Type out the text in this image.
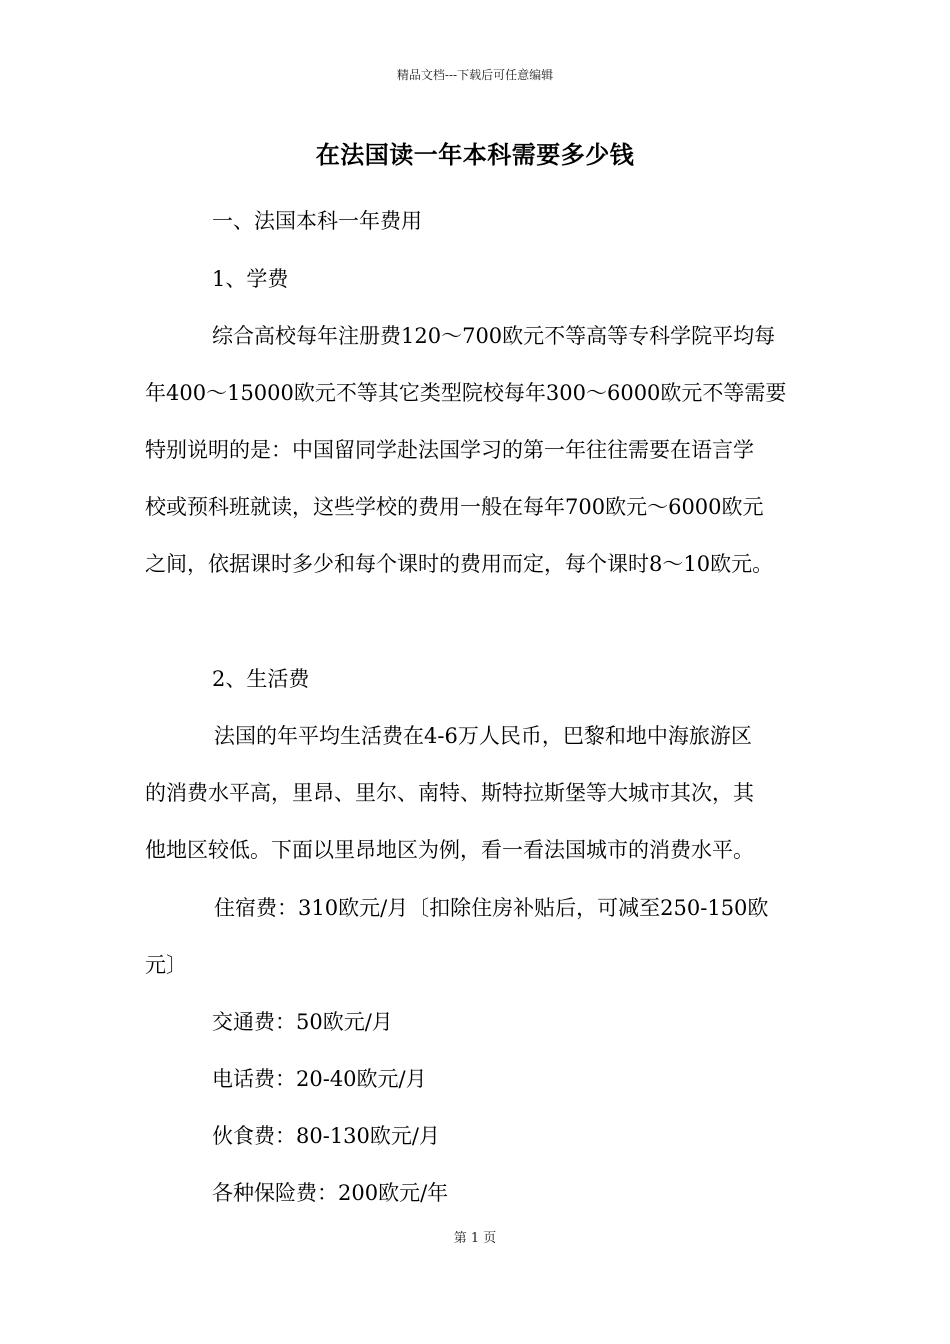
精品文档---下载后可任意编辑
在法国读一年本科需要多少钱
一、法国本科一年费用
1、学费
综合高校每年注册费120～700欧元不等高等专科学院平均每
年400～15000欧元不等其它类型院校每年300～6000欧元不等需要
特别说明的是：中国留同学赴法国学习的第一年往往需要在语言学
校或预科班就读，这些学校的费用一般在每年700欧元～6000欧元
之间，依据课时多少和每个课时的费用而定，每个课时8～10欧元。
2、生活费
法国的年平均生活费在4-6万人民币，巴黎和地中海旅游区
的消费水平高，里昂、里尔、南特、斯特拉斯堡等大城市其次，其
他地区较低。下面以里昂地区为例，看一看法国城市的消费水平。
住宿费：310欧元/月〔扣除住房补贴后，可减至250-150欧
元〕
交通费：50欧元/月
电话费：20-40欧元/月
伙食费：80-130欧元/月
各种保险费：200欧元/年
第 1 页
